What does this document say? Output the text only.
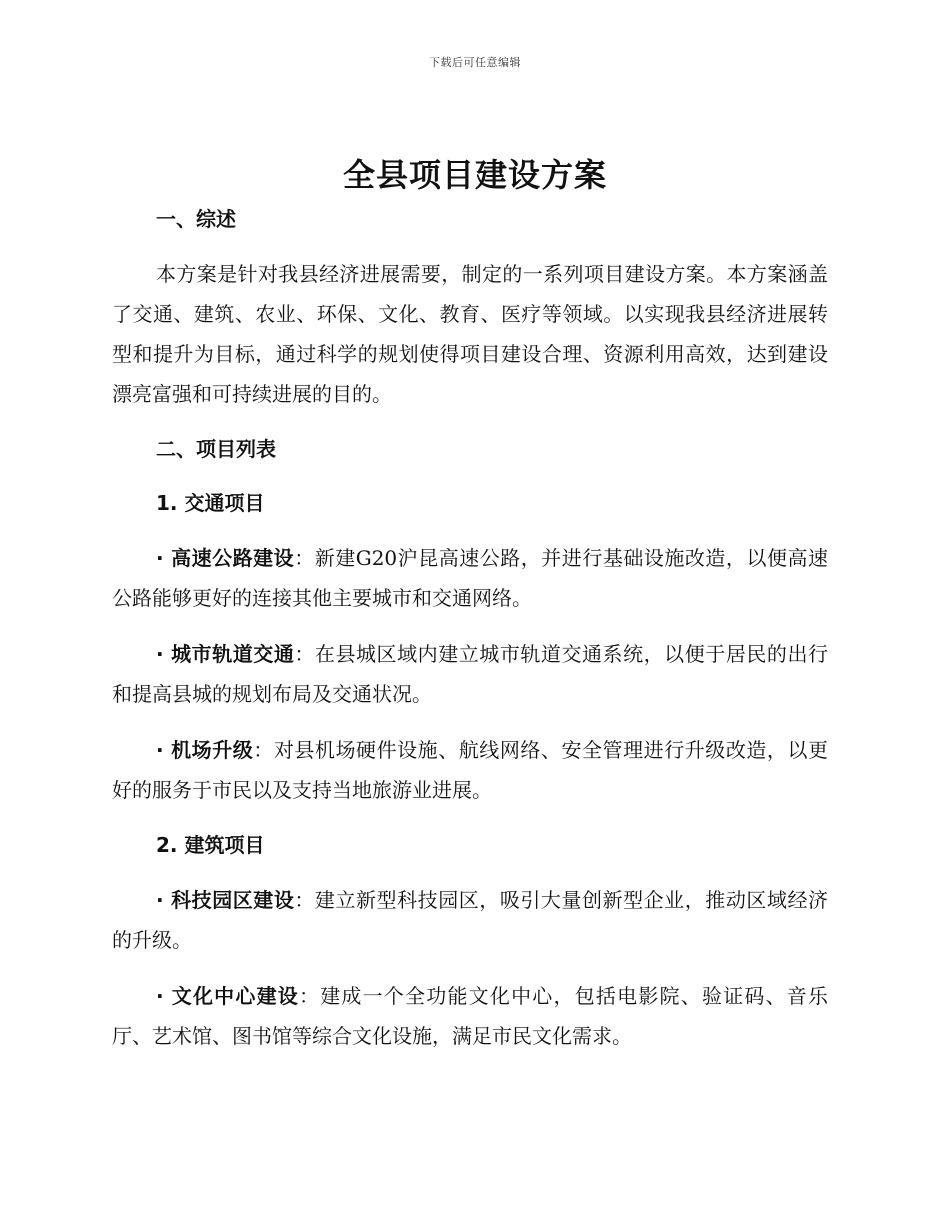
下载后可任意编辑
全县项目建设方案
一、综述

本方案是针对我县经济进展需要，制定的一系列项目建设方案。本方案涵盖了交通、建筑、农业、环保、文化、教育、医疗等领域。以实现我县经济进展转型和提升为目标，通过科学的规划使得项目建设合理、资源利用高效，达到建设漂亮富强和可持续进展的目的。

二、项目列表
1. 交通项目

· 高速公路建设：新建G20沪昆高速公路，并进行基础设施改造，以便高速公路能够更好的连接其他主要城市和交通网络。

· 城市轨道交通：在县城区域内建立城市轨道交通系统，以便于居民的出行和提高县城的规划布局及交通状况。

· 机场升级：对县机场硬件设施、航线网络、安全管理进行升级改造，以更好的服务于市民以及支持当地旅游业进展。

2. 建筑项目

· 科技园区建设：建立新型科技园区，吸引大量创新型企业，推动区域经济的升级。

· 文化中心建设：建成一个全功能文化中心，包括电影院、验证码、音乐厅、艺术馆、图书馆等综合文化设施，满足市民文化需求。
